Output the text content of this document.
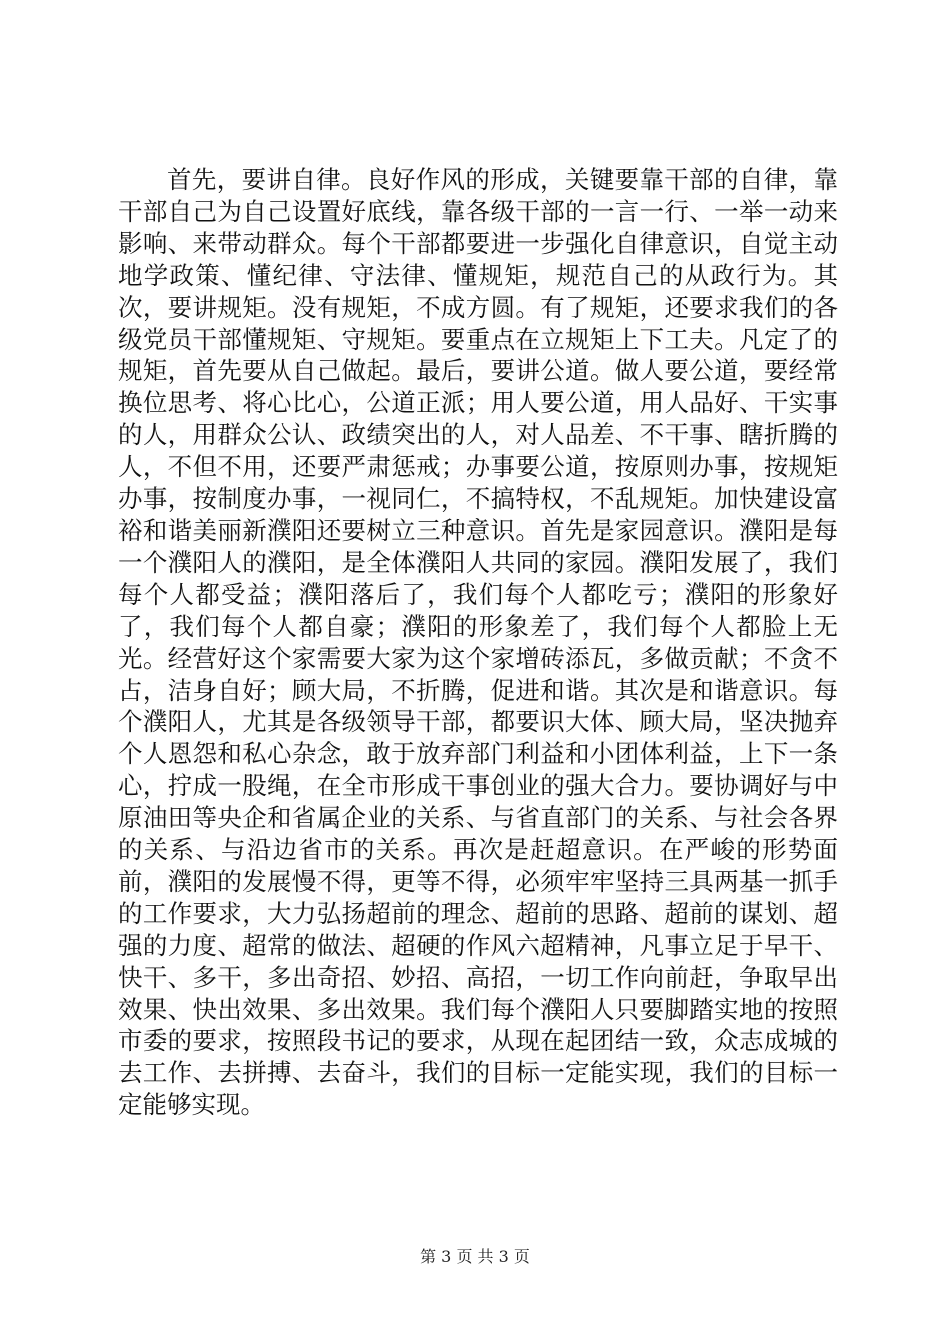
首先，要讲自律。良好作风的形成，关键要靠干部的自律，靠干部自己为自己设置好底线，靠各级干部的一言一行、一举一动来影响、来带动群众。每个干部都要进一步强化自律意识，自觉主动地学政策、懂纪律、守法律、懂规矩，规范自己的从政行为。其次，要讲规矩。没有规矩，不成方圆。有了规矩，还要求我们的各级党员干部懂规矩、守规矩。要重点在立规矩上下工夫。凡定了的规矩，首先要从自己做起。最后，要讲公道。做人要公道，要经常换位思考、将心比心，公道正派；用人要公道，用人品好、干实事的人，用群众公认、政绩突出的人，对人品差、不干事、瞎折腾的人，不但不用，还要严肃惩戒；办事要公道，按原则办事，按规矩办事，按制度办事，一视同仁，不搞特权，不乱规矩。加快建设富裕和谐美丽新濮阳还要树立三种意识。首先是家园意识。濮阳是每一个濮阳人的濮阳，是全体濮阳人共同的家园。濮阳发展了，我们每个人都受益；濮阳落后了，我们每个人都吃亏；濮阳的形象好了，我们每个人都自豪；濮阳的形象差了，我们每个人都脸上无光。经营好这个家需要大家为这个家增砖添瓦，多做贡献；不贪不占，洁身自好；顾大局，不折腾，促进和谐。其次是和谐意识。每个濮阳人，尤其是各级领导干部，都要识大体、顾大局，坚决抛弃个人恩怨和私心杂念，敢于放弃部门利益和小团体利益，上下一条心，拧成一股绳，在全市形成干事创业的强大合力。要协调好与中原油田等央企和省属企业的关系、与省直部门的关系、与社会各界的关系、与沿边省市的关系。再次是赶超意识。在严峻的形势面前，濮阳的发展慢不得，更等不得，必须牢牢坚持三具两基一抓手的工作要求，大力弘扬超前的理念、超前的思路、超前的谋划、超强的力度、超常的做法、超硬的作风六超精神，凡事立足于早干、快干、多干，多出奇招、妙招、高招，一切工作向前赶，争取早出效果、快出效果、多出效果。我们每个濮阳人只要脚踏实地的按照市委的要求，按照段书记的要求，从现在起团结一致，众志成城的去工作、去拼搏、去奋斗，我们的目标一定能实现，我们的目标一定能够实现。

第 3 页 共 3 页
